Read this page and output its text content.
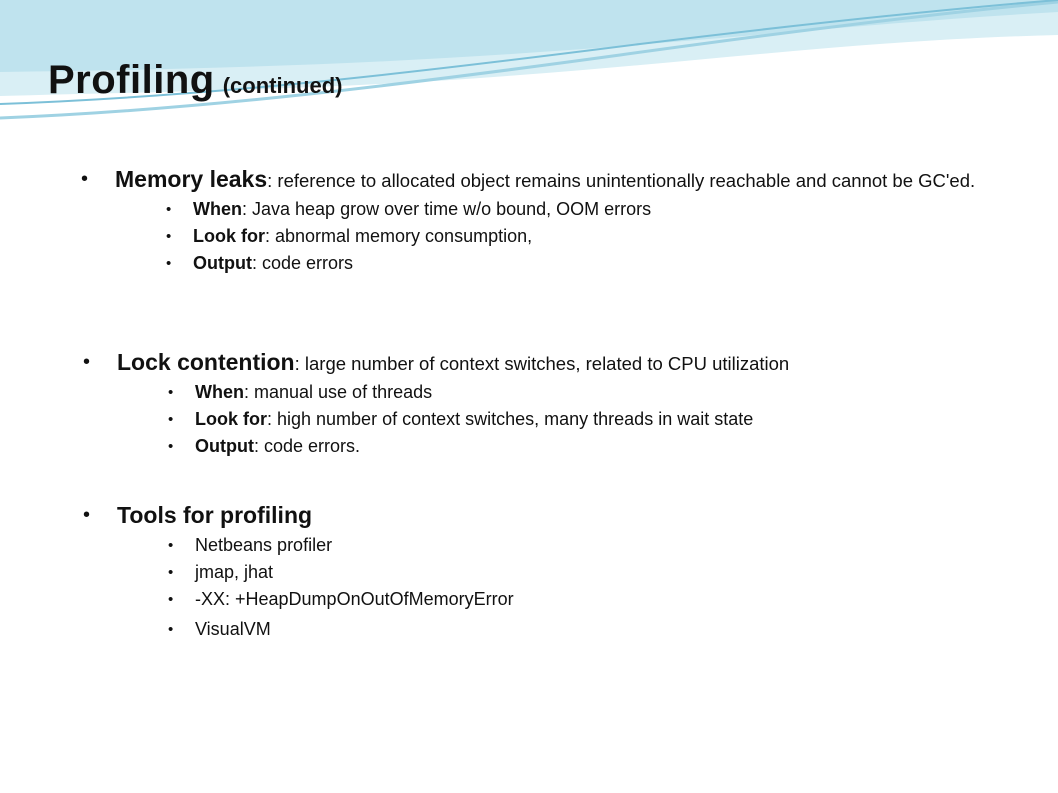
Profiling (continued)
• Memory leaks: reference to allocated object remains unintentionally reachable and cannot be GC'ed.
• When: Java heap grow over time w/o bound, OOM errors
• Look for: abnormal memory consumption,
• Output: code errors
• Lock contention: large number of context switches, related to CPU utilization
• When: manual use of threads
• Look for: high number of context switches, many threads in wait state
• Output: code errors.
• Tools for profiling
• Netbeans profiler
• jmap, jhat
• -XX: +HeapDumpOnOutOfMemoryError
• VisualVM
